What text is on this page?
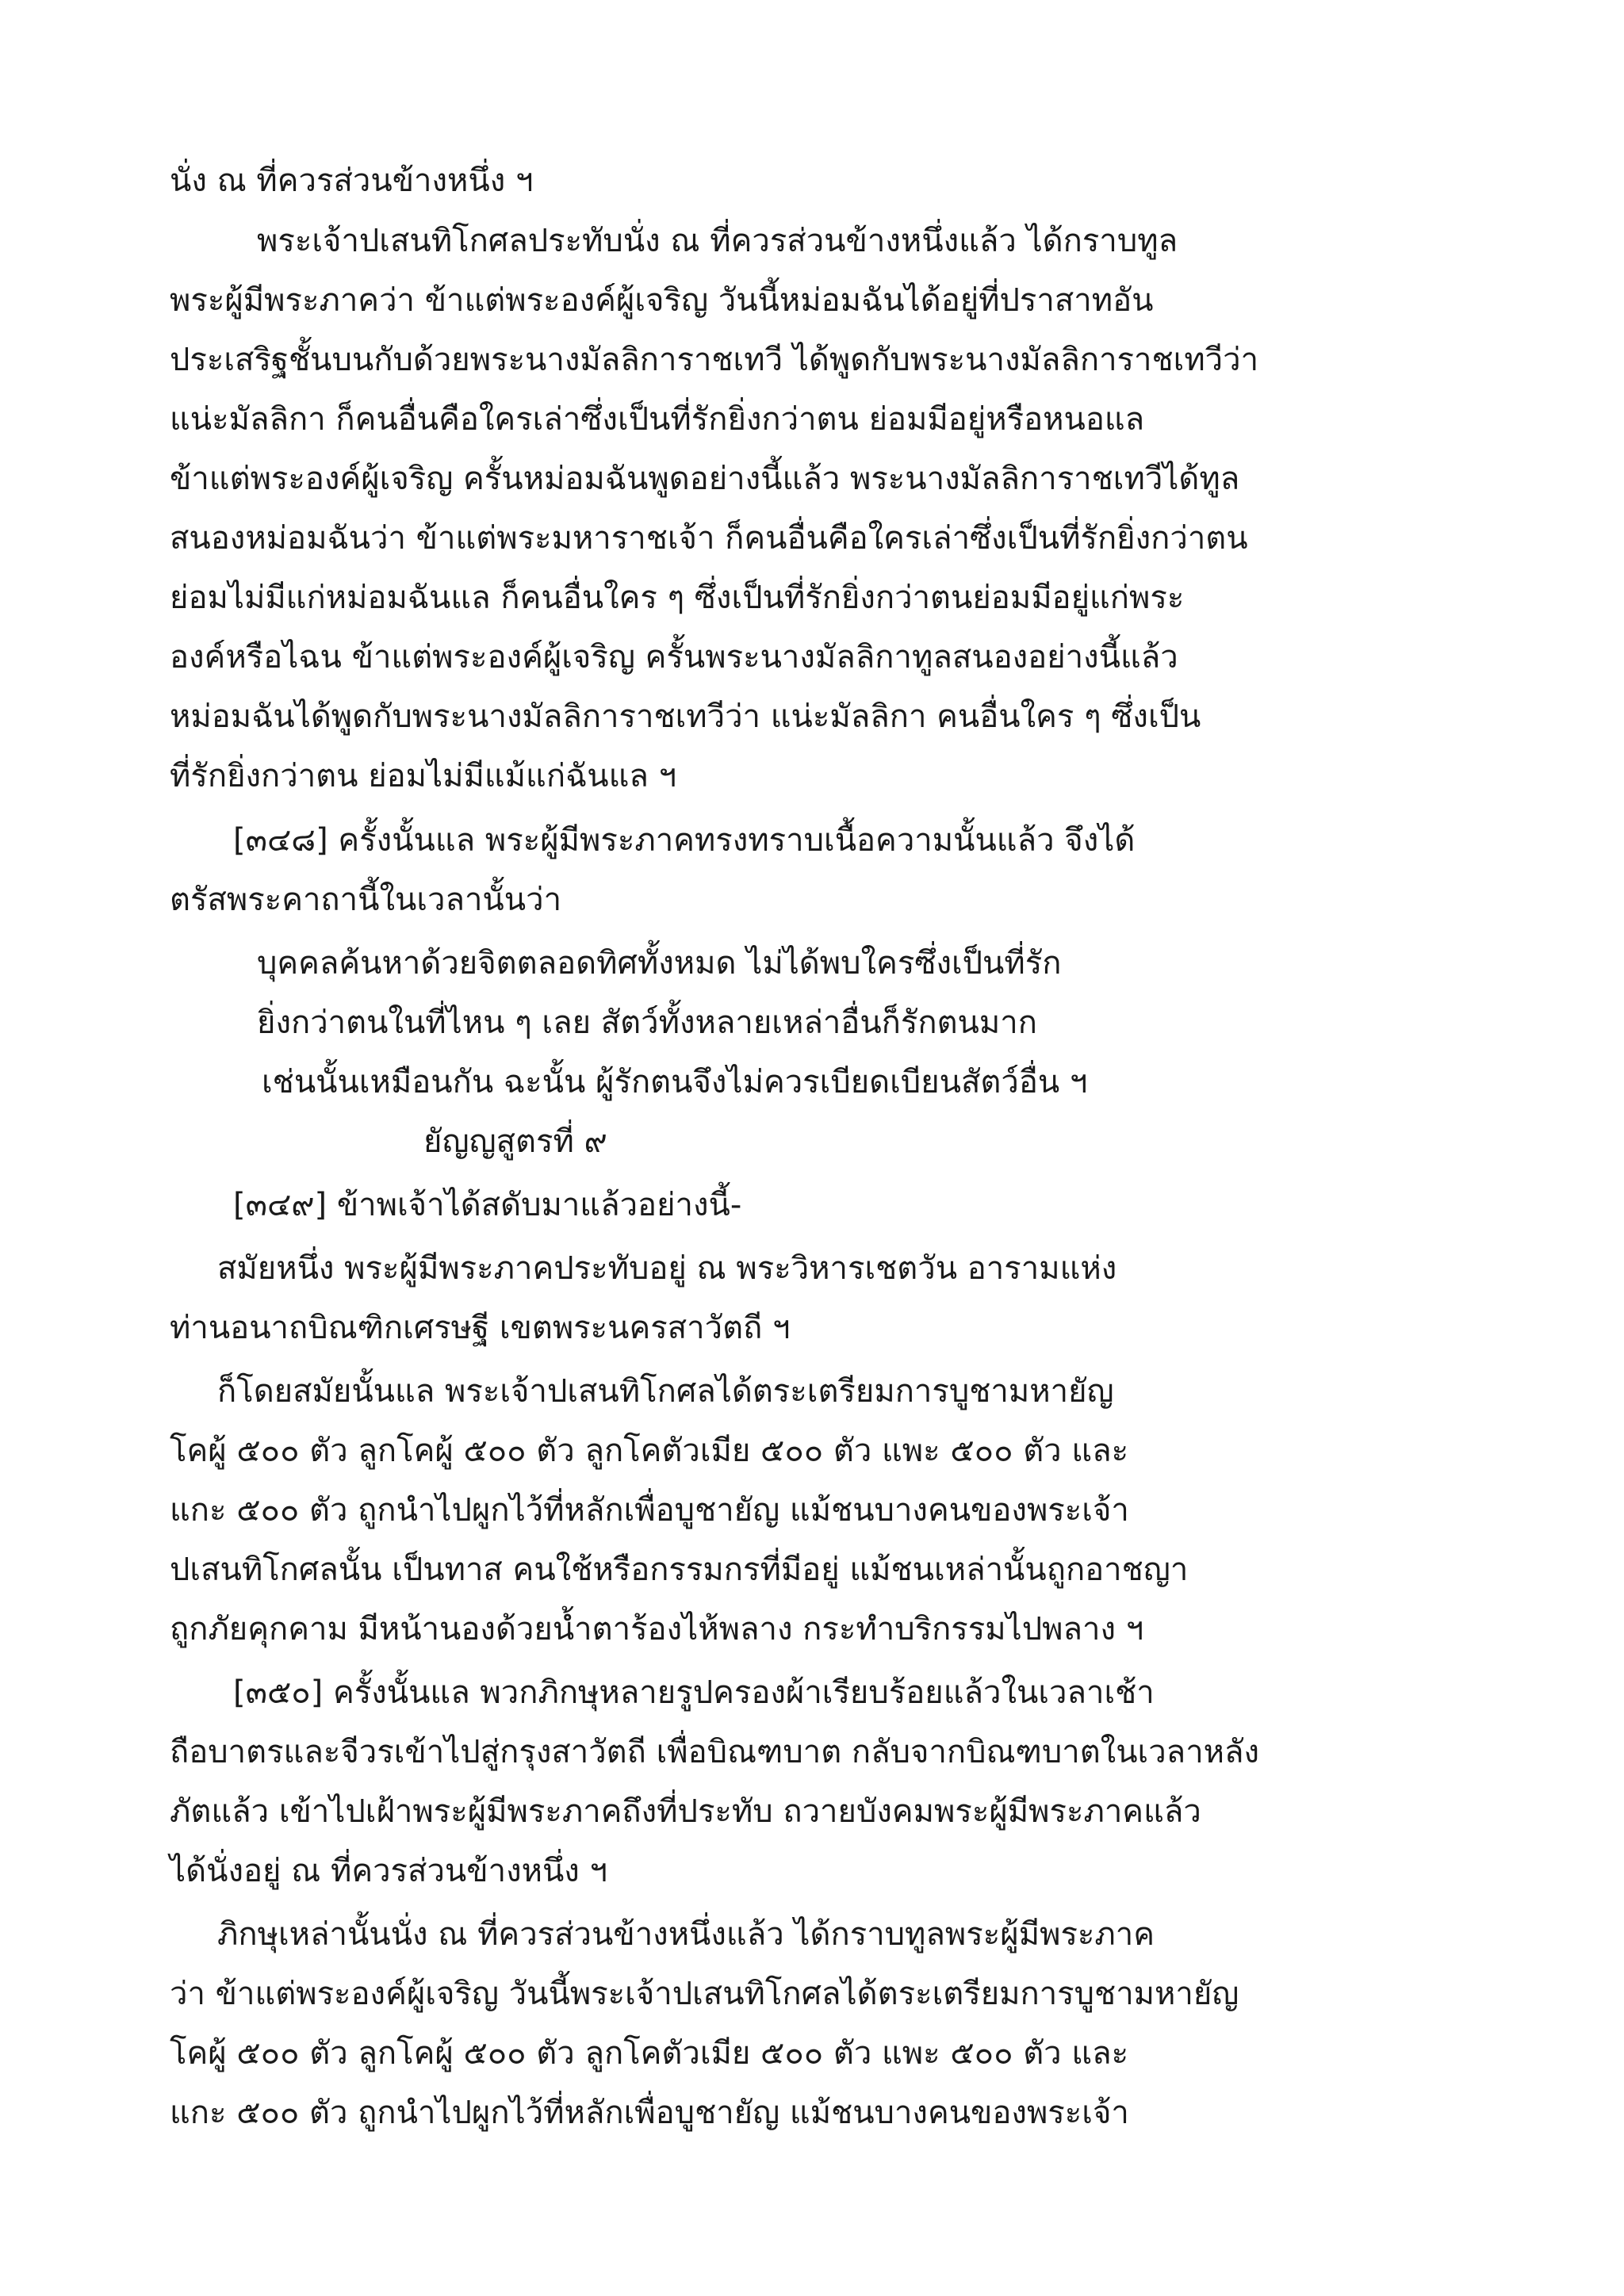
นั่ง ณ ที่ควรส่วนข้างหนึ่ง ฯ
พระเจ้าปเสนทิโกศลประทับนั่ง ณ ที่ควรส่วนข้างหนึ่งแล้ว ได้กราบทูล
พระผู้มีพระภาคว่า ข้าแต่พระองค์ผู้เจริญ วันนี้หม่อมฉันได้อยู่ที่ปราสาทอัน
ประเสริฐชั้นบนกับด้วยพระนางมัลลิการาชเทวี ได้พูดกับพระนางมัลลิการาชเทวีว่า
แน่ะมัลลิกา ก็คนอื่นคือใครเล่าซึ่งเป็นที่รักยิ่งกว่าตน ย่อมมีอยู่หรือหนอแล
ข้าแต่พระองค์ผู้เจริญ ครั้นหม่อมฉันพูดอย่างนี้แล้ว พระนางมัลลิการาชเทวีได้ทูล
สนองหม่อมฉันว่า ข้าแต่พระมหาราชเจ้า ก็คนอื่นคือใครเล่าซึ่งเป็นที่รักยิ่งกว่าตน
ย่อมไม่มีแก่หม่อมฉันแล ก็คนอื่นใคร ๆ ซึ่งเป็นที่รักยิ่งกว่าตนย่อมมีอยู่แก่พระ
องค์หรือไฉน ข้าแต่พระองค์ผู้เจริญ ครั้นพระนางมัลลิกาทูลสนองอย่างนี้แล้ว
หม่อมฉันได้พูดกับพระนางมัลลิการาชเทวีว่า แน่ะมัลลิกา คนอื่นใคร ๆ ซึ่งเป็น
ที่รักยิ่งกว่าตน ย่อมไม่มีแม้แก่ฉันแล ฯ
[๓๔๘] ครั้งนั้นแล พระผู้มีพระภาคทรงทราบเนื้อความนั้นแล้ว จึงได้
ตรัสพระคาถานี้ในเวลานั้นว่า
บุคคลค้นหาด้วยจิตตลอดทิศทั้งหมด ไม่ได้พบใครซึ่งเป็นที่รัก
ยิ่งกว่าตนในที่ไหน ๆ เลย สัตว์ทั้งหลายเหล่าอื่นก็รักตนมาก
เช่นนั้นเหมือนกัน ฉะนั้น ผู้รักตนจึงไม่ควรเบียดเบียนสัตว์อื่น ฯ
ยัญญสูตรที่ ๙
[๓๔๙] ข้าพเจ้าได้สดับมาแล้วอย่างนี้-
สมัยหนึ่ง พระผู้มีพระภาคประทับอยู่ ณ พระวิหารเชตวัน อารามแห่ง
ท่านอนาถบิณฑิกเศรษฐี เขตพระนครสาวัตถี ฯ
ก็โดยสมัยนั้นแล พระเจ้าปเสนทิโกศลได้ตระเตรียมการบูชามหายัญ
โคผู้ ๕๐๐ ตัว ลูกโคผู้ ๕๐๐ ตัว ลูกโคตัวเมีย ๕๐๐ ตัว แพะ ๕๐๐ ตัว และ
แกะ ๕๐๐ ตัว ถูกนำไปผูกไว้ที่หลักเพื่อบูชายัญ แม้ชนบางคนของพระเจ้า
ปเสนทิโกศลนั้น เป็นทาส คนใช้หรือกรรมกรที่มีอยู่ แม้ชนเหล่านั้นถูกอาชญา
ถูกภัยคุกคาม มีหน้านองด้วยน้ำตาร้องไห้พลาง กระทำบริกรรมไปพลาง ฯ
[๓๕๐] ครั้งนั้นแล พวกภิกษุหลายรูปครองผ้าเรียบร้อยแล้วในเวลาเช้า
ถือบาตรและจีวรเข้าไปสู่กรุงสาวัตถี เพื่อบิณฑบาต กลับจากบิณฑบาตในเวลาหลัง
ภัตแล้ว เข้าไปเฝ้าพระผู้มีพระภาคถึงที่ประทับ ถวายบังคมพระผู้มีพระภาคแล้ว
ได้นั่งอยู่ ณ ที่ควรส่วนข้างหนึ่ง ฯ
ภิกษุเหล่านั้นนั่ง ณ ที่ควรส่วนข้างหนึ่งแล้ว ได้กราบทูลพระผู้มีพระภาค
ว่า ข้าแต่พระองค์ผู้เจริญ วันนี้พระเจ้าปเสนทิโกศลได้ตระเตรียมการบูชามหายัญ
โคผู้ ๕๐๐ ตัว ลูกโคผู้ ๕๐๐ ตัว ลูกโคตัวเมีย ๕๐๐ ตัว แพะ ๕๐๐ ตัว และ
แกะ ๕๐๐ ตัว ถูกนำไปผูกไว้ที่หลักเพื่อบูชายัญ แม้ชนบางคนของพระเจ้า
